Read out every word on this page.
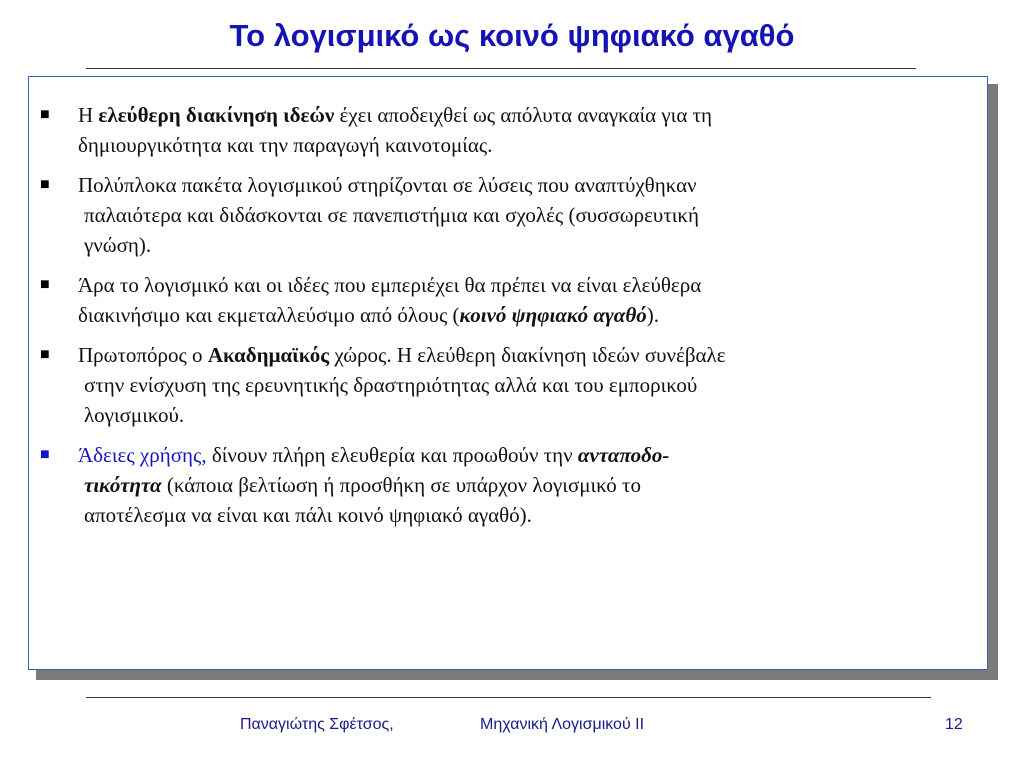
Το λογισμικό ως κοινό ψηφιακό αγαθό
■	Η ελεύθερη διακίνηση ιδεών έχει αποδειχθεί ως απόλυτα αναγκαία για τη
δημιουργικότητα και την παραγωγή καινοτομίας.
■	Πολύπλοκα πακέτα λογισμικού στηρίζονται σε λύσεις που αναπτύχθηκαν
παλαιότερα και διδάσκονται σε πανεπιστήμια και σχολές (συσσωρευτική
γνώση).
■	Άρα το λογισμικό και οι ιδέες που εμπεριέχει θα πρέπει να είναι ελεύθερα
διακινήσιμο και εκμεταλλεύσιμο από όλους (κοινό ψηφιακό αγαθό).
■	Πρωτοπόρος ο Ακαδημαϊκός χώρος. Η ελεύθερη διακίνηση ιδεών συνέβαλε
στην ενίσχυση της ερευνητικής δραστηριότητας αλλά και του εμπορικού
λογισμικού.
■	Άδειες χρήσης, δίνουν πλήρη ελευθερία και προωθούν την ανταποδο-
τικότητα (κάποια βελτίωση ή προσθήκη σε υπάρχον λογισμικό το
αποτέλεσμα να είναι και πάλι κοινό ψηφιακό αγαθό).
Παναγιώτης Σφέτσος,	Μηχανική Λογισμικού ΙΙ	12
